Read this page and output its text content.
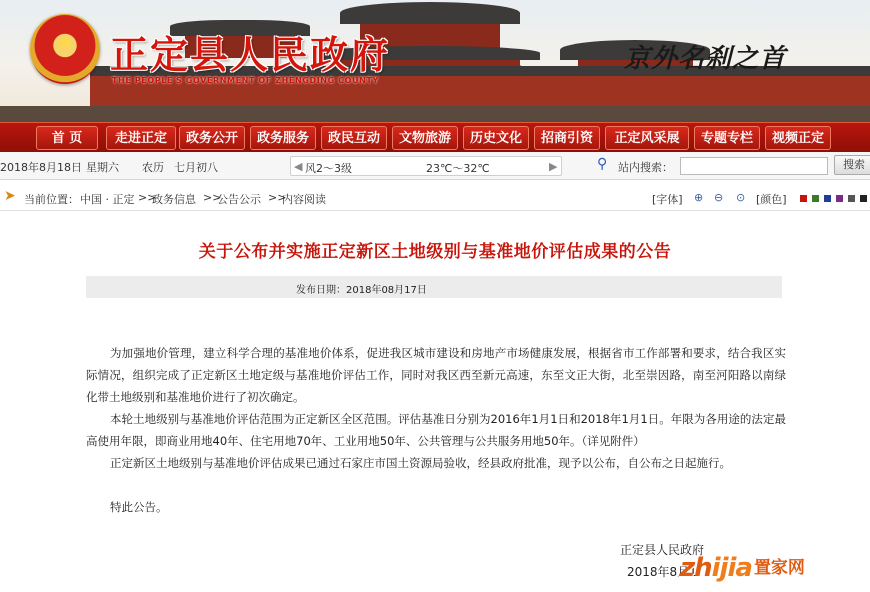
★ 正定县人民政府
THE PEOPLE'S GOVERNMENT OF ZHENGDING COUNTY
京外名刹之首
首 页	走进正定	政务公开	政务服务	政民互动	文物旅游	历史文化	招商引资	正定风采展	专题专栏	视频正定
2018年8月18日 星期六 农历 七月初八	◀ 风2～3级	23℃～32℃	▶	⚲ 站内搜索：	搜索
➤ 当前位置： 中国 · 正定 >>
政务信息 >>
公告公示 >>
内容阅读	[字体] ⊕ ⊖ ⊙ [颜色]
关于公布并实施正定新区土地级别与基准地价评估成果的公告
发布日期：2018年08月17日

为加强地价管理，建立科学合理的基准地价体系，促进我区城市建设和房地产市场健康发展，根据省市工作部署和要求，结合我区实际情况，组织完成了正定新区土地定级与基准地价评估工作，同时对我区西至新元高速，东至文正大街，北至崇因路，南至河阳路以南绿化带土地级别和基准地价进行了初次确定。

本轮土地级别与基准地价评估范围为正定新区全区范围。评估基准日分别为2016年1月1日和2018年1月1日。年限为各用途的法定最高使用年限，即商业用地40年、住宅用地70年、工业用地50年、公共管理与公共服务用地50年。（详见附件）

正定新区土地级别与基准地价评估成果已通过石家庄市国土资源局验收，经县政府批准，现予以公布，自公布之日起施行。

特此公告。

正定县人民政府
2018年8月1
zhijia 置家网
